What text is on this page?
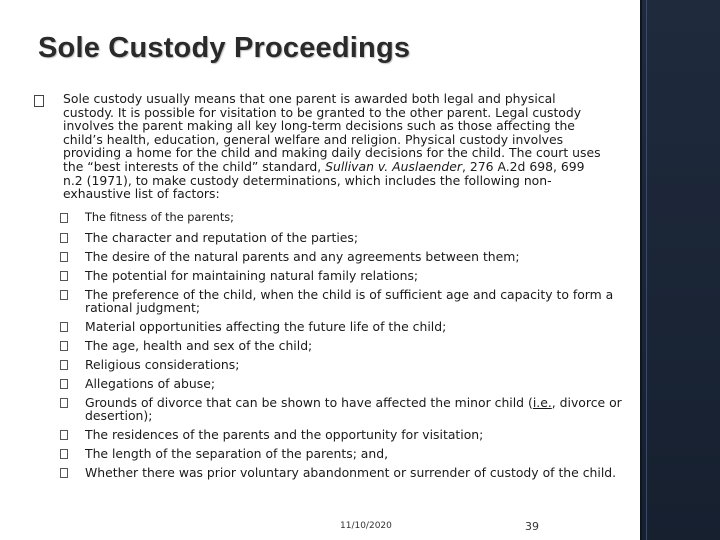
Sole Custody Proceedings

Sole custody usually means that one parent is awarded both legal and physical custody. It is possible for visitation to be granted to the other parent. Legal custody involves the parent making all key long-term decisions such as those affecting the child’s health, education, general welfare and religion. Physical custody involves providing a home for the child and making daily decisions for the child. The court uses the “best interests of the child” standard, Sullivan v. Auslaender, 276 A.2d 698, 699 n.2 (1971), to make custody determinations, which includes the following non-exhaustive list of factors:

The fitness of the parents;
The character and reputation of the parties;
The desire of the natural parents and any agreements between them;
The potential for maintaining natural family relations;
The preference of the child, when the child is of sufficient age and capacity to form a rational judgment;
Material opportunities affecting the future life of the child;
The age, health and sex of the child;
Religious considerations;
Allegations of abuse;
Grounds of divorce that can be shown to have affected the minor child (i.e., divorce or desertion);
The residences of the parents and the opportunity for visitation;
The length of the separation of the parents; and,
Whether there was prior voluntary abandonment or surrender of custody of the child.
11/10/2020	39
